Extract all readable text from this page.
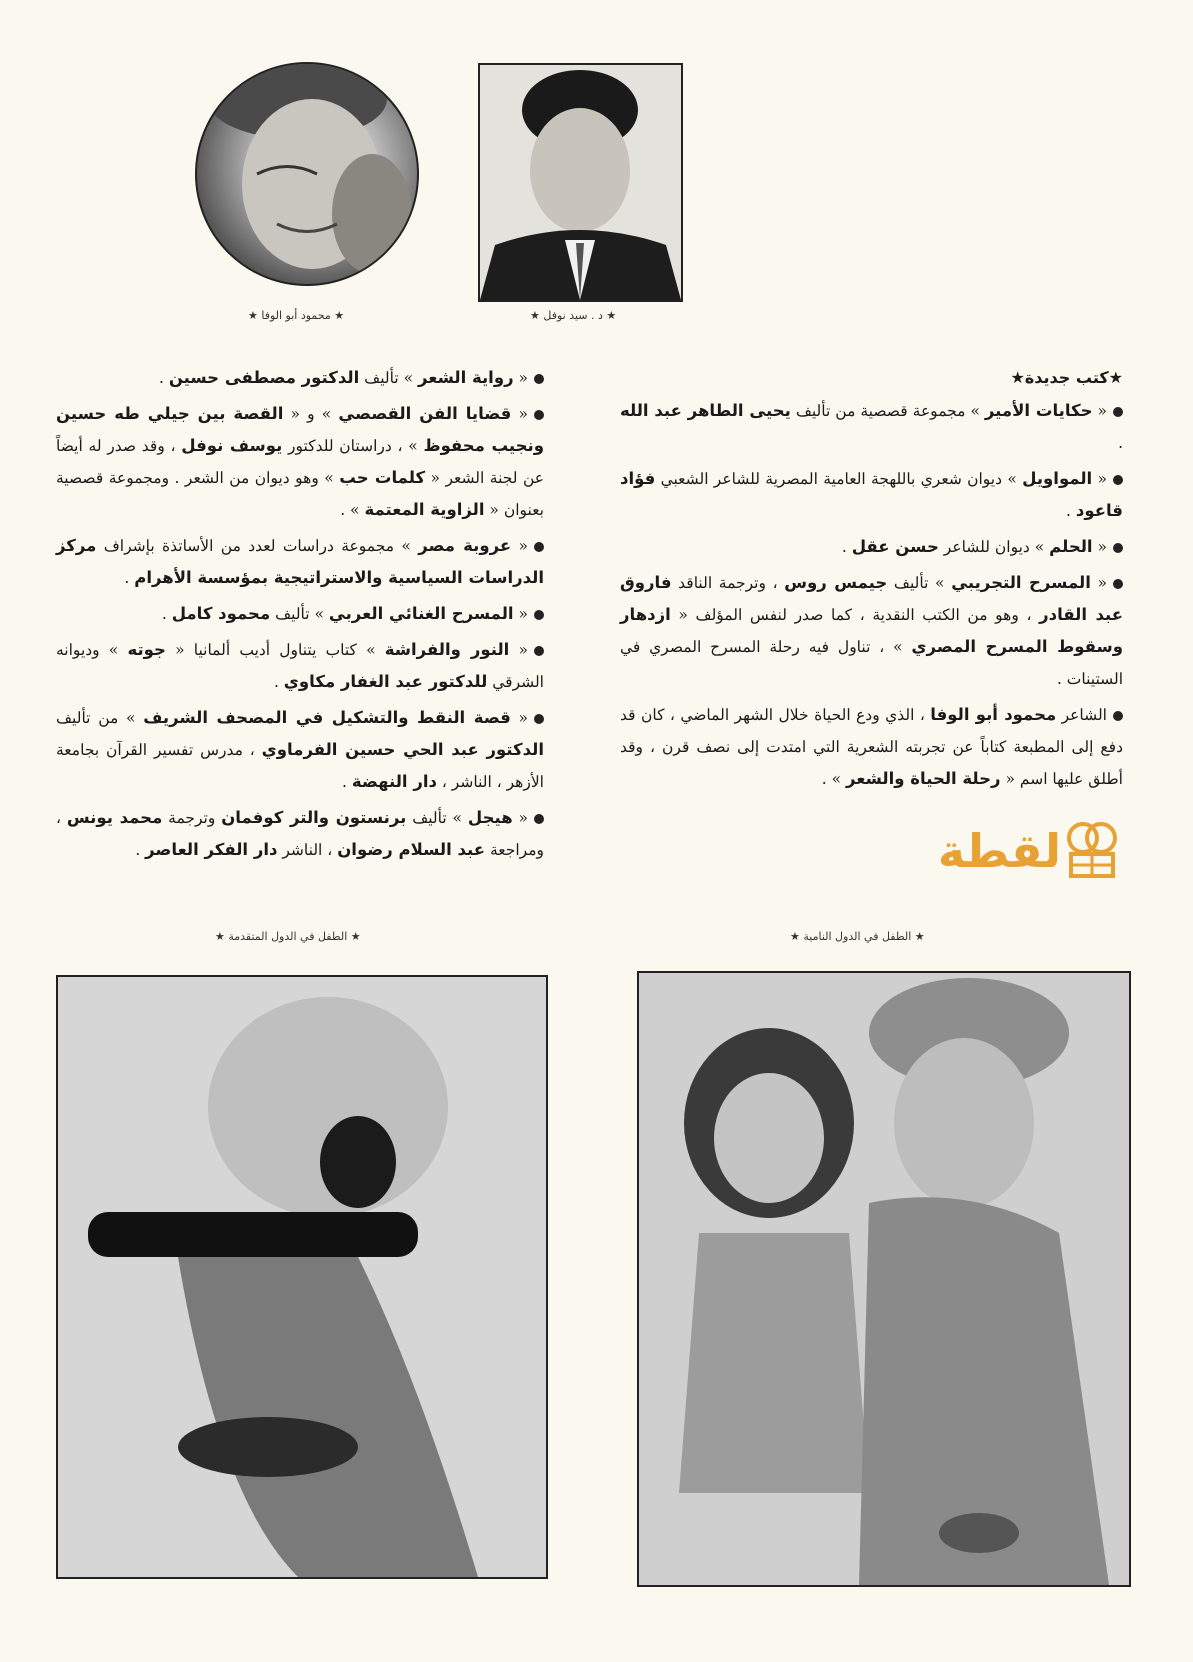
★ محمود أبو الوفا ★	★ د . سيد نوفل ★
★كتب جديدة★

« حكايات الأمير » مجموعة قصصية من تأليف يحيى الطاهر عبد الله .

« المواويل » ديوان شعري باللهجة العامية المصرية للشاعر الشعبي فؤاد قاعود .

« الحلم » ديوان للشاعر حسن عقل .

« المسرح التجريبي » تأليف جيمس روس ، وترجمة الناقد فاروق عبد القادر ، وهو من الكتب النقدية ، كما صدر لنفس المؤلف « ازدهار وسقوط المسرح المصري » ، تناول فيه رحلة المسرح المصري في الستينات .

الشاعر محمود أبو الوفا ، الذي ودع الحياة خلال الشهر الماضي ، كان قد دفع إلى المطبعة كتاباً عن تجربته الشعرية التي امتدت إلى نصف قرن ، وقد أطلق عليها اسم « رحلة الحياة والشعر » .

« رواية الشعر » تأليف الدكتور مصطفى حسين .

« قضايا الفن القصصي » و « القصة بين جيلي طه حسين ونجيب محفوظ » ، دراستان للدكتور يوسف نوفل ، وقد صدر له أيضاً عن لجنة الشعر « كلمات حب » وهو ديوان من الشعر . ومجموعة قصصية بعنوان « الزاوية المعتمة » .

« عروبة مصر » مجموعة دراسات لعدد من الأساتذة بإشراف مركز الدراسات السياسية والاستراتيجية بمؤسسة الأهرام .

« المسرح الغنائي العربي » تأليف محمود كامل .

« النور والفراشة » كتاب يتناول أديب ألمانيا « جوته » وديوانه الشرقي للدكتور عبد الغفار مكاوي .

« قصة النقط والتشكيل في المصحف الشريف » من تأليف الدكتور عبد الحي حسين الفرماوي ، مدرس تفسير القرآن بجامعة الأزهر ، الناشر ، دار النهضة .

« هيجل » تأليف برنستون والتر كوفمان وترجمة محمد يونس ، ومراجعة عبد السلام رضوان ، الناشر دار الفكر العاصر .	لقطة
★ الطفل في الدول المتقدمة ★	★ الطفل في الدول النامية ★
